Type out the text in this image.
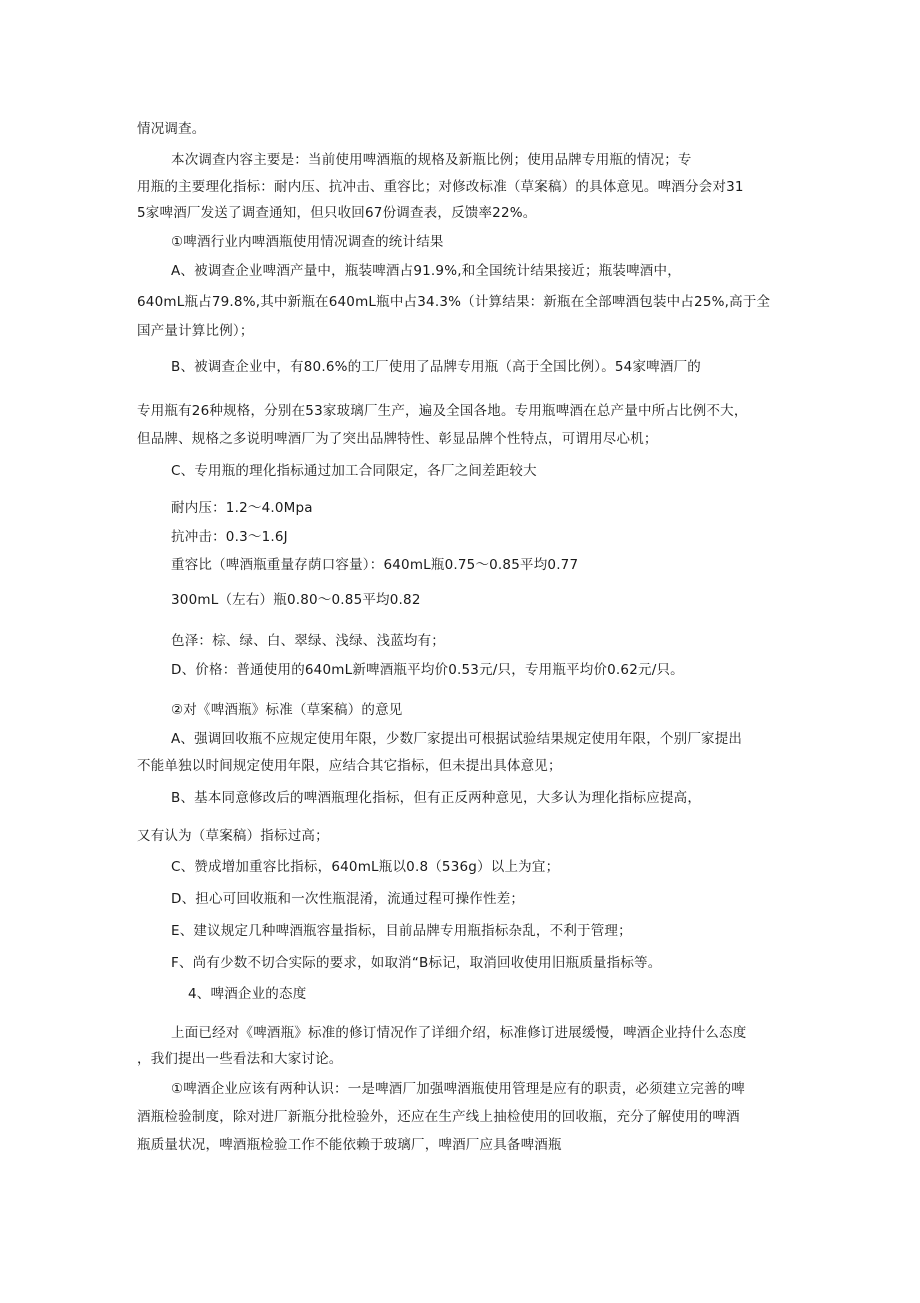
情况调查。
本次调查内容主要是：当前使用啤酒瓶的规格及新瓶比例；使用品牌专用瓶的情况；专
用瓶的主要理化指标：耐内压、抗冲击、重容比；对修改标准（草案稿）的具体意见。啤酒分会对31
5家啤酒厂发送了调查通知，但只收回67份调查表，反馈率22%。
①啤酒行业内啤酒瓶使用情况调查的统计结果
A、被调查企业啤酒产量中，瓶装啤酒占91.9%,和全国统计结果接近；瓶装啤酒中，
640mL瓶占79.8%,其中新瓶在640mL瓶中占34.3%（计算结果：新瓶在全部啤酒包装中占25%,高于全
国产量计算比例）；
B、被调查企业中，有80.6%的工厂使用了品牌专用瓶（高于全国比例）。54家啤酒厂的
专用瓶有26种规格，分别在53家玻璃厂生产，遍及全国各地。专用瓶啤酒在总产量中所占比例不大，
但品牌、规格之多说明啤酒厂为了突出品牌特性、彰显品牌个性特点，可谓用尽心机；
C、专用瓶的理化指标通过加工合同限定，各厂之间差距较大
耐内压：1.2〜4.0Mpa
抗冲击：0.3〜1.6J
重容比（啤酒瓶重量存荫口容量）：640mL瓶0.75〜0.85平均0.77
300mL（左右）瓶0.80〜0.85平均0.82
色泽：棕、绿、白、翠绿、浅绿、浅蓝均有；
D、价格：普通使用的640mL新啤酒瓶平均价0.53元/只，专用瓶平均价0.62元/只。
②对《啤酒瓶》标准（草案稿）的意见
A、强调回收瓶不应规定使用年限，少数厂家提出可根据试验结果规定使用年限，个别厂家提出
不能单独以时间规定使用年限，应结合其它指标，但未提出具体意见；
B、基本同意修改后的啤酒瓶理化指标，但有正反两种意见，大多认为理化指标应提高，
又有认为（草案稿）指标过高；
C、赞成增加重容比指标，640mL瓶以0.8（536g）以上为宜；
D、担心可回收瓶和一次性瓶混淆，流通过程可操作性差；
E、建议规定几种啤酒瓶容量指标，目前品牌专用瓶指标杂乱，不利于管理；
F、尚有少数不切合实际的要求，如取消“B标记，取消回收使用旧瓶质量指标等。
4、啤酒企业的态度
上面已经对《啤酒瓶》标准的修订情况作了详细介绍，标准修订进展缓慢，啤酒企业持什么态度
，我们提出一些看法和大家讨论。
①啤酒企业应该有两种认识：一是啤酒厂加强啤酒瓶使用管理是应有的职责，必须建立完善的啤
酒瓶检验制度，除对进厂新瓶分批检验外，还应在生产线上抽检使用的回收瓶，充分了解使用的啤酒
瓶质量状况，啤酒瓶检验工作不能依赖于玻璃厂，啤酒厂应具备啤酒瓶
